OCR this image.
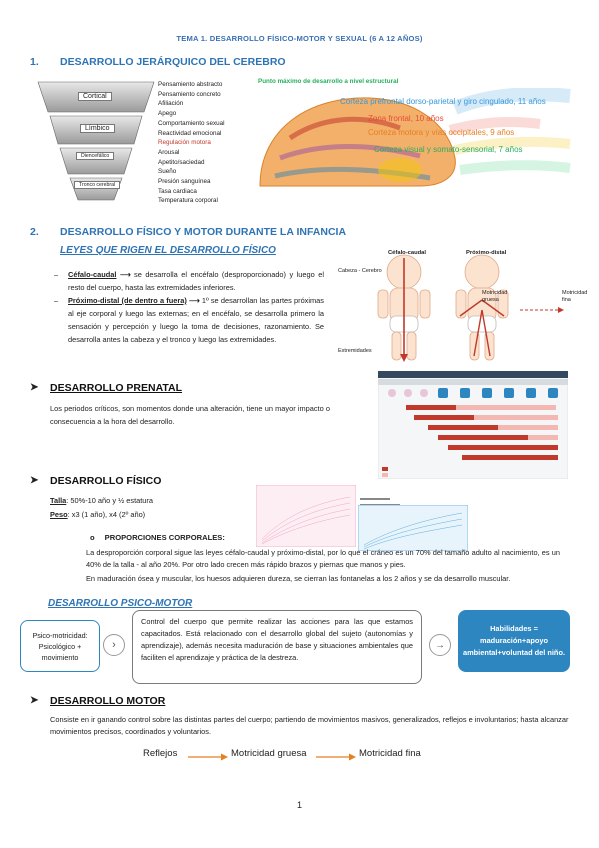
TEMA 1. DESARROLLO FÍSICO-MOTOR Y SEXUAL (6 A 12 AÑOS)
1. DESARROLLO JERÁRQUICO DEL CEREBRO
Cortical
Límbico
Diencefálico
Tronco cerebral
Pensamiento abstracto
Pensamiento concreto
Afiliación
Apego
Comportamiento sexual
Reactividad emocional
Regulación motora
Arousal
Apetito/saciedad
Sueño
Presión sanguínea
Tasa cardiaca
Temperatura corporal
Punto máximo de desarrollo a nivel estructural
Corteza prefrontal dorso-parietal y giro cingulado, 11 años
Zona frontal, 10 años
Corteza motora y vías occipitales, 9 años
Corteza visual y somato-sensorial, 7 años
2. DESARROLLO FÍSICO Y MOTOR DURANTE LA INFANCIA
LEYES QUE RIGEN EL DESARROLLO FÍSICO
– Céfalo-caudal ⟶ se desarrolla el encéfalo (desproporcionado) y luego el resto del cuerpo, hasta las extremidades inferiores.
– Próximo-distal (de dentro a fuera) ⟶ 1º se desarrollan las partes próximas al eje corporal y luego las externas; en el encéfalo, se desarrolla primero la sensación y percepción y luego la toma de decisiones, razonamiento. Se desarrolla antes la cabeza y el tronco y luego las extremidades.
Céfalo-caudal	Próximo-distal
Cabeza - Cerebro
Extremidades
Motricidad gruesa
Motricidad fina
➤ DESARROLLO PRENATAL
Los periodos críticos, son momentos donde una alteración, tiene un mayor impacto o consecuencia a la hora del desarrollo.
➤ DESARROLLO FÍSICO
Talla: 50%-10 año y ½ estatura
Peso: x3 (1 año), x4 (2º año)
o PROPORCIONES CORPORALES:
La desproporción corporal sigue las leyes céfalo-caudal y próximo-distal, por lo que el cráneo es un 70% del tamaño adulto al nacimiento, es un 40% de la talla - al año 20%. Por otro lado crecen más rápido brazos y piernas que manos y pies.
En maduración ósea y muscular, los huesos adquieren dureza, se cierran las fontanelas a los 2 años y se da desarrollo muscular.
DESARROLLO PSICO-MOTOR
Psico-motricidad: Psicológico + movimiento
›
Control del cuerpo que permite realizar las acciones para las que estamos capacitados. Está relacionado con el desarrollo global del sujeto (autonomías y aprendizaje), además necesita maduración de base y situaciones ambientales que faciliten el aprendizaje y práctica de la destreza.
→
Habilidades = maduración+apoyo ambiental+voluntad del niño.
➤ DESARROLLO MOTOR
Consiste en ir ganando control sobre las distintas partes del cuerpo; partiendo de movimientos masivos, generalizados, reflejos e involuntarios; hasta alcanzar movimientos precisos, coordinados y voluntarios.
Reflejos	Motricidad gruesa	Motricidad fina
1
